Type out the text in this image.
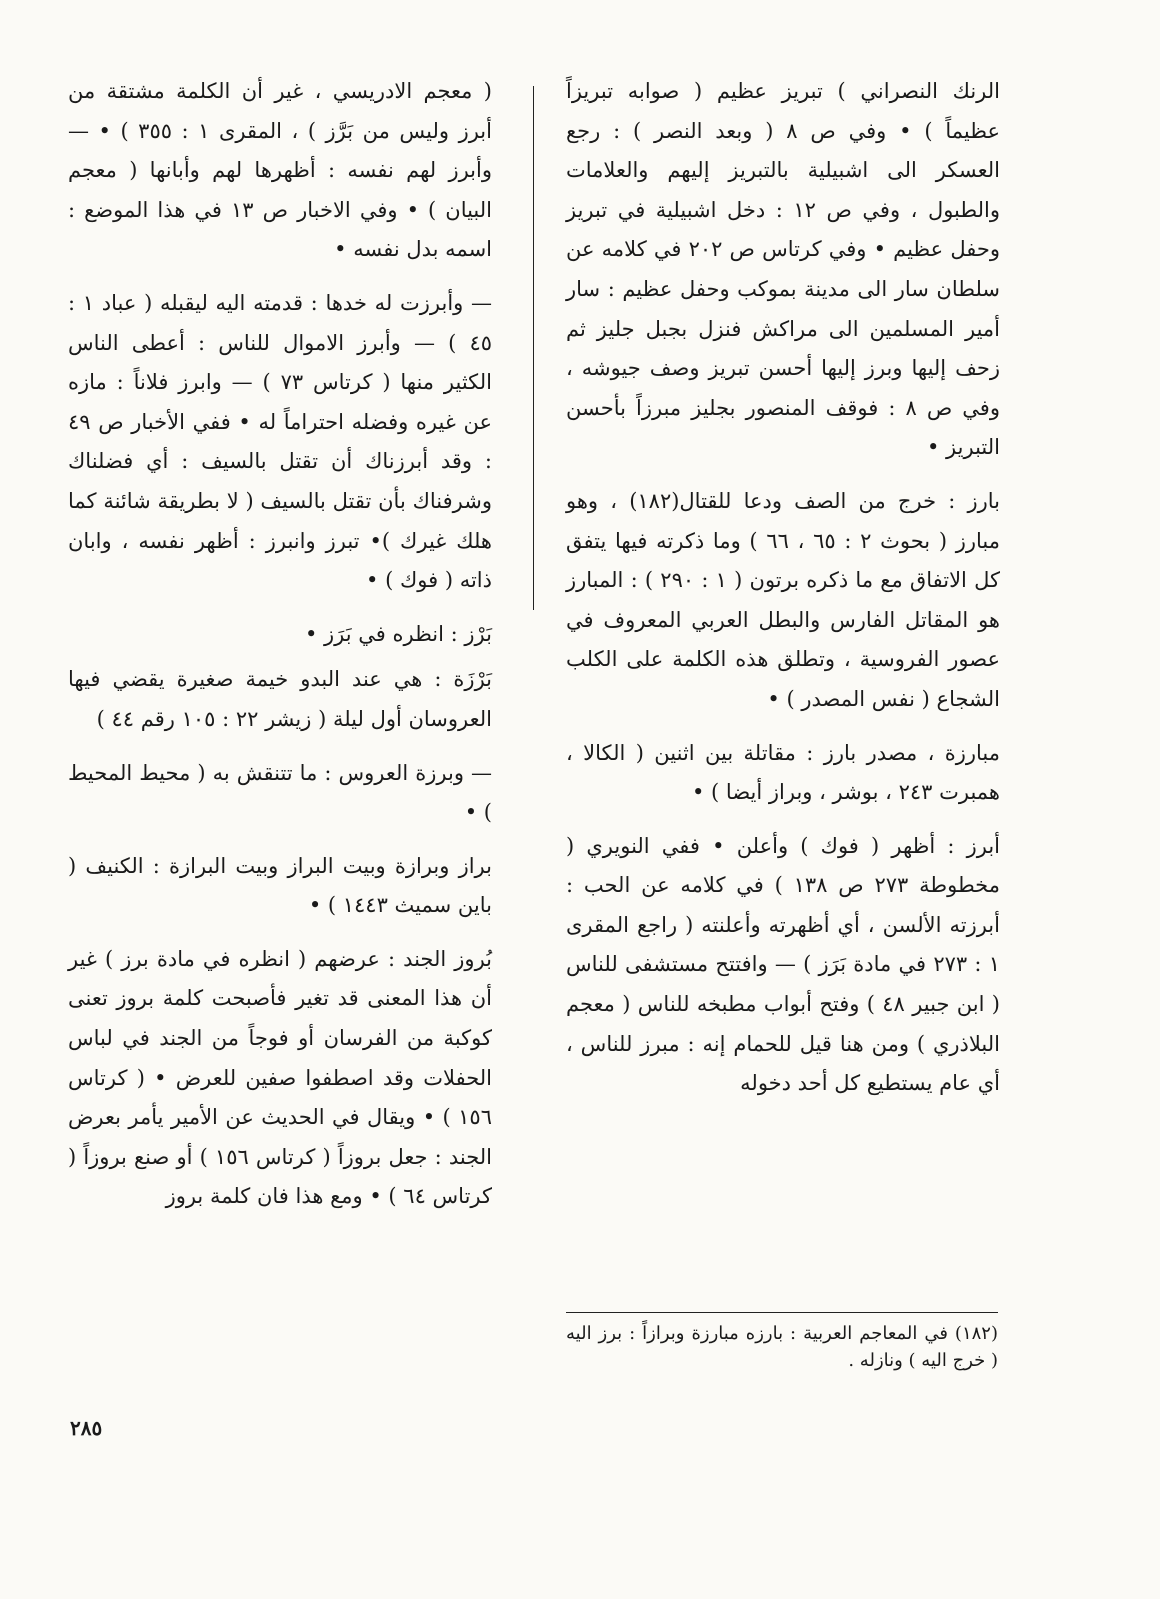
الرنك النصراني ) تبريز عظيم ( صوابه تبريزاً عظيماً ) • وفي ص ٨ ( وبعد النصر ) : رجع العسكر الى اشبيلية بالتبريز إليهم والعلامات والطبول ، وفي ص ١٢ : دخل اشبيلية في تبريز وحفل عظيم • وفي كرتاس ص ٢٠٢ في كلامه عن سلطان سار الى مدينة بموكب وحفل عظيم : سار أمير المسلمين الى مراكش فنزل بجبل جليز ثم زحف إليها وبرز إليها أحسن تبريز وصف جيوشه ، وفي ص ٨ : فوقف المنصور بجليز مبرزاً بأحسن التبريز •

بارز : خرج من الصف ودعا للقتال(١٨٢) ، وهو مبارز ( بحوث ٢ : ٦٥ ، ٦٦ ) وما ذكرته فيها يتفق كل الاتفاق مع ما ذكره برتون ( ١ : ٢٩٠ ) : المبارز هو المقاتل الفارس والبطل العربي المعروف في عصور الفروسية ، وتطلق هذه الكلمة على الكلب الشجاع ( نفس المصدر ) •

مبارزة ، مصدر بارز : مقاتلة بين اثنين ( الكالا ، همبرت ٢٤٣ ، بوشر ، وبراز أيضا ) •

أبرز : أظهر ( فوك ) وأعلن • ففي النويري ( مخطوطة ٢٧٣ ص ١٣٨ ) في كلامه عن الحب : أبرزته الألسن ، أي أظهرته وأعلنته ( راجع المقرى ١ : ٢٧٣ في مادة بَرَز ) — وافتتح مستشفى للناس ( ابن جبير ٤٨ ) وفتح أبواب مطبخه للناس ( معجم البلاذري ) ومن هنا قيل للحمام إنه : مبرز للناس ، أي عام يستطيع كل أحد دخوله

( معجم الادريسي ، غير أن الكلمة مشتقة من أبرز وليس من بَرَّز ) ، المقرى ١ : ٣٥٥ ) • — وأبرز لهم نفسه : أظهرها لهم وأبانها ( معجم البيان ) • وفي الاخبار ص ١٣ في هذا الموضع : اسمه بدل نفسه •

— وأبرزت له خدها : قدمته اليه ليقبله ( عباد ١ : ٤٥ ) — وأبرز الاموال للناس : أعطى الناس الكثير منها ( كرتاس ٧٣ ) — وابرز فلاناً : مازه عن غيره وفضله احتراماً له • ففي الأخبار ص ٤٩ : وقد أبرزناك أن تقتل بالسيف : أي فضلناك وشرفناك بأن تقتل بالسيف ( لا بطريقة شائنة كما هلك غيرك )• تبرز وانبرز : أظهر نفسه ، وابان ذاته ( فوك ) •

بَرْز : انظره في بَرَز •

بَرْزَة : هي عند البدو خيمة صغيرة يقضي فيها العروسان أول ليلة ( زيشر ٢٢ : ١٠٥ رقم ٤٤ )

— وبرزة العروس : ما تتنقش به ( محيط المحيط ) •

براز وبرازة وبيت البراز وبيت البرازة : الكنيف ( باين سميث ١٤٤٣ ) •

بُروز الجند : عرضهم ( انظره في مادة برز ) غير أن هذا المعنى قد تغير فأصبحت كلمة بروز تعنى كوكبة من الفرسان أو فوجاً من الجند في لباس الحفلات وقد اصطفوا صفين للعرض • ( كرتاس ١٥٦ ) • ويقال في الحديث عن الأمير يأمر بعرض الجند : جعل بروزاً ( كرتاس ١٥٦ ) أو صنع بروزاً ( كرتاس ٦٤ ) • ومع هذا فان كلمة بروز

(١٨٢) في المعاجم العربية : بارزه مبارزة وبرازاً : برز اليه ( خرج اليه ) ونازله .
٢٨٥
